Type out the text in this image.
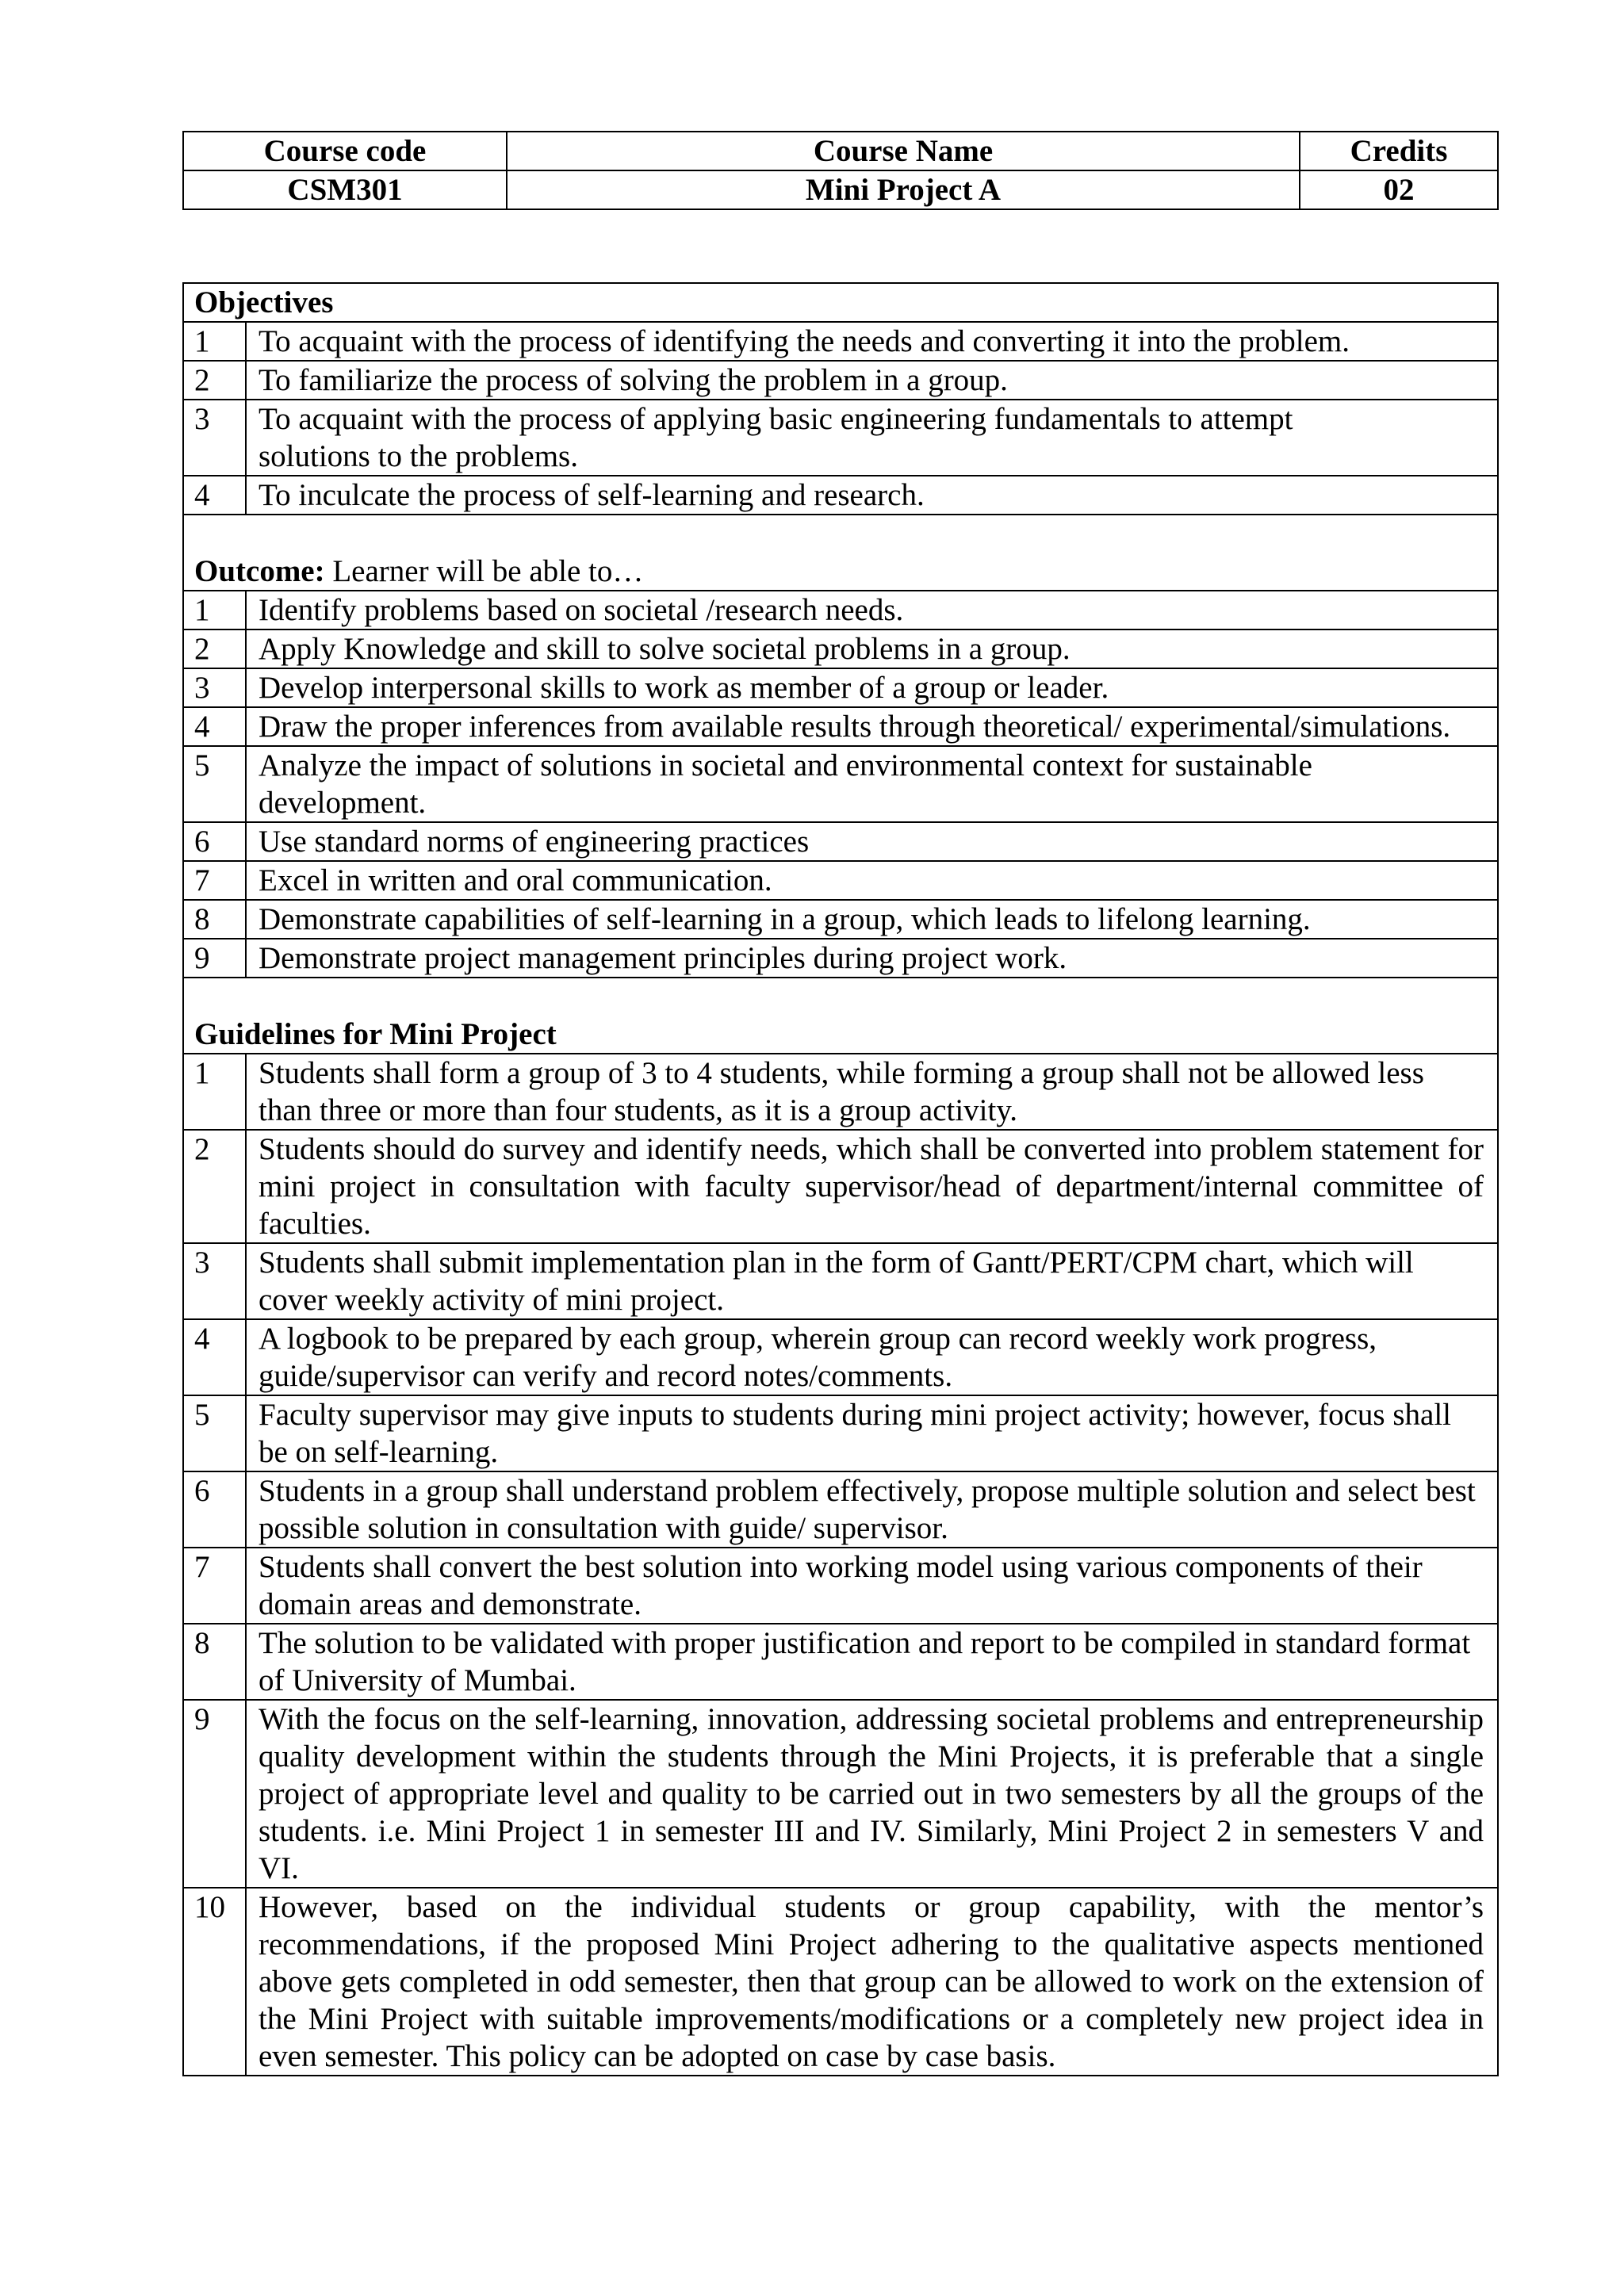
Course code	Course Name	Credits
CSM301	Mini Project A	02
Objectives	
1	To acquaint with the process of identifying the needs and converting it into the problem.
2	To familiarize the process of solving the problem in a group.
3	To acquaint with the process of applying basic engineering fundamentals to attempt solutions to the problems.
4	To inculcate the process of self-learning and research.

Outcome: Learner will be able to…	
1	Identify problems based on societal /research needs.
2	Apply Knowledge and skill to solve societal problems in a group.
3	Develop interpersonal skills to work as member of a group or leader.
4	Draw the proper inferences from available results through theoretical/ experimental/simulations.
5	Analyze the impact of solutions in societal and environmental context for sustainable development.
6	Use standard norms of engineering practices
7	Excel in written and oral communication.
8	Demonstrate capabilities of self-learning in a group, which leads to lifelong learning.
9	Demonstrate project management principles during project work.

Guidelines for Mini Project	
1	Students shall form a group of 3 to 4 students, while forming a group shall not be allowed less than three or more than four students, as it is a group activity.
2	Students should do survey and identify needs, which shall be converted into problem statement for mini project in consultation with faculty supervisor/head of department/internal committee of faculties.
3	Students shall submit implementation plan in the form of Gantt/PERT/CPM chart, which will cover weekly activity of mini project.
4	A logbook to be prepared by each group, wherein group can record weekly work progress, guide/supervisor can verify and record notes/comments.
5	Faculty supervisor may give inputs to students during mini project activity; however, focus shall be on self-learning.
6	Students in a group shall understand problem effectively, propose multiple solution and select best possible solution in consultation with guide/ supervisor.
7	Students shall convert the best solution into working model using various components of their domain areas and demonstrate.
8	The solution to be validated with proper justification and report to be compiled in standard format of University of Mumbai.
9	With the focus on the self-learning, innovation, addressing societal problems and entrepreneurship quality development within the students through the Mini Projects, it is preferable that a single project of appropriate level and quality to be carried out in two semesters by all the groups of the students. i.e. Mini Project 1 in semester III and IV. Similarly, Mini Project 2 in semesters V and VI.
10	However, based on the individual students or group capability, with the mentor’s recommendations, if the proposed Mini Project adhering to the qualitative aspects mentioned above gets completed in odd semester, then that group can be allowed to work on the extension of the Mini Project with suitable improvements/modifications or a completely new project idea in even semester. This policy can be adopted on case by case basis.
